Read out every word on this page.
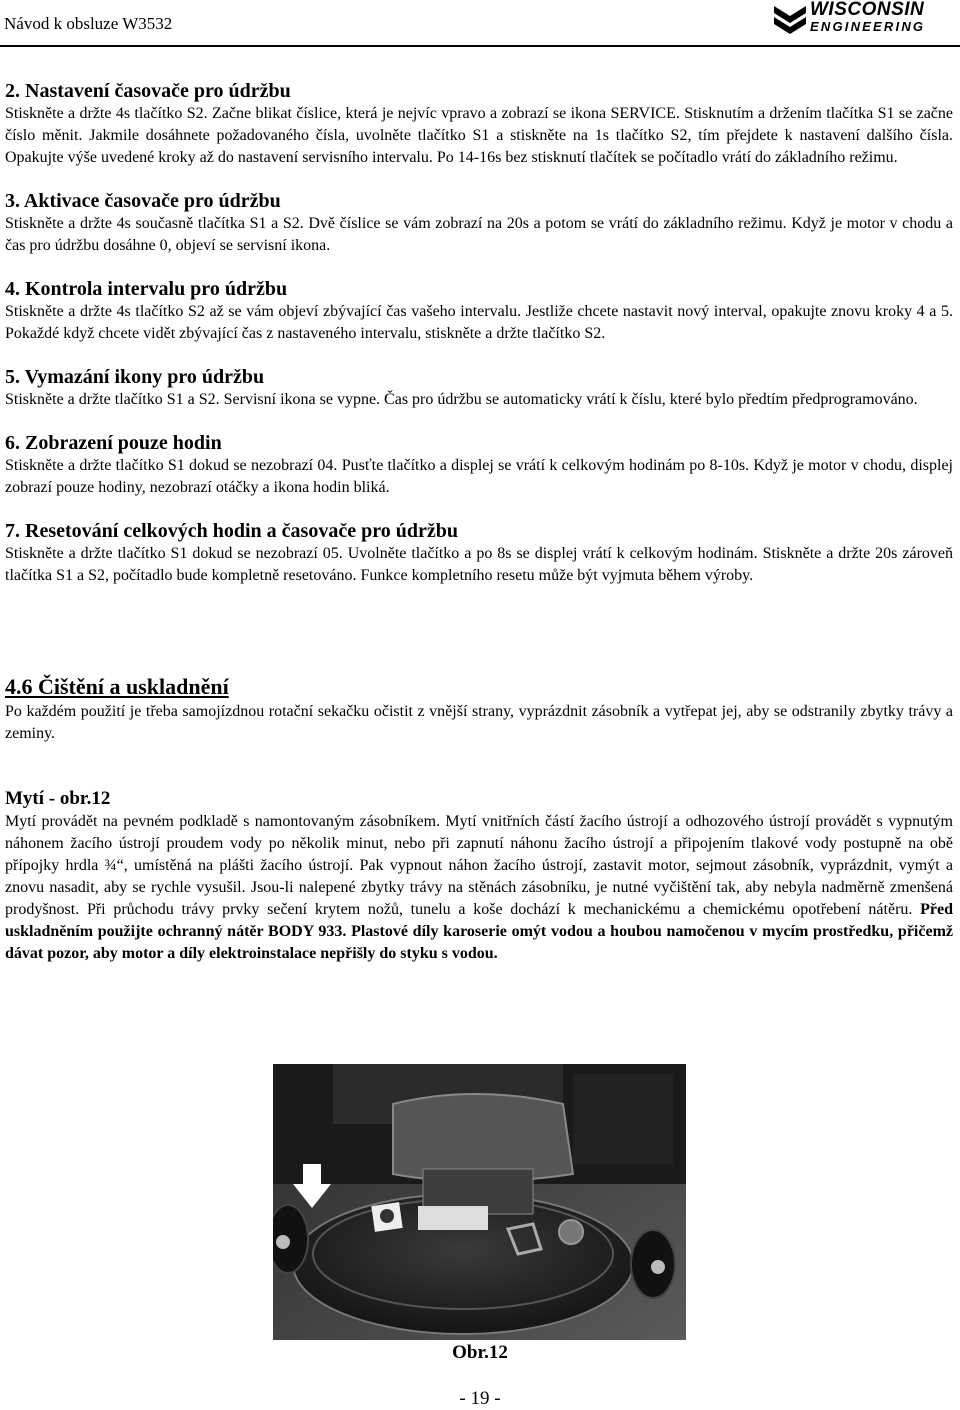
Návod k obsluze W3532
WISCONSIN
ENGINEERING
2. Nastavení časovače pro údržbu

Stiskněte a držte 4s tlačítko S2. Začne blikat číslice, která je nejvíc vpravo a zobrazí se ikona SERVICE. Stisknutím a držením tlačítka S1 se začne číslo měnit. Jakmile dosáhnete požadovaného čísla, uvolněte tlačítko S1 a stiskněte na 1s tlačítko S2, tím přejdete k nastavení dalšího čísla. Opakujte výše uvedené kroky až do nastavení servisního intervalu. Po 14-16s bez stisknutí tlačítek se počítadlo vrátí do základního režimu.

3. Aktivace časovače pro údržbu

Stiskněte a držte 4s současně tlačítka S1 a S2. Dvě číslice se vám zobrazí na 20s a potom se vrátí do základního režimu. Když je motor v chodu a čas pro údržbu dosáhne 0, objeví se servisní ikona.

4. Kontrola intervalu pro údržbu

Stiskněte a držte 4s tlačítko S2 až se vám objeví zbývající čas vašeho intervalu. Jestliže chcete nastavit nový interval, opakujte znovu kroky 4 a 5. Pokaždé když chcete vidět zbývající čas z nastaveného intervalu, stiskněte a držte tlačítko S2.

5. Vymazání ikony pro údržbu

Stiskněte a držte tlačítko S1 a S2. Servisní ikona se vypne. Čas pro údržbu se automaticky vrátí k číslu, které bylo předtím předprogramováno.

6. Zobrazení pouze hodin

Stiskněte a držte tlačítko S1 dokud se nezobrazí 04. Pusťte tlačítko a displej se vrátí k celkovým hodinám po 8-10s. Když je motor v chodu, displej zobrazí pouze hodiny, nezobrazí otáčky a ikona hodin bliká.

7. Resetování celkových hodin a časovače pro údržbu

Stiskněte a držte tlačítko S1 dokud se nezobrazí 05. Uvolněte tlačítko a po 8s se displej vrátí k celkovým hodinám. Stiskněte a držte 20s zároveň tlačítka S1 a S2, počítadlo bude kompletně resetováno. Funkce kompletního resetu může být vyjmuta během výroby.

4.6 Čištění a uskladnění

Po každém použití je třeba samojízdnou rotační sekačku očistit z vnější strany, vyprázdnit zásobník a vytřepat jej, aby se odstranily zbytky trávy a zeminy.

Mytí - obr.12

Mytí provádět na pevném podkladě s namontovaným zásobníkem. Mytí vnitřních částí žacího ústrojí a odhozového ústrojí provádět s vypnutým náhonem žacího ústrojí proudem vody po několik minut, nebo při zapnutí náhonu žacího ústrojí a připojením tlakové vody postupně na obě přípojky hrdla ¾“, umístěná na plášti žacího ústrojí. Pak vypnout náhon žacího ústrojí, zastavit motor, sejmout zásobník, vyprázdnit, vymýt a znovu nasadit, aby se rychle vysušil. Jsou-li nalepené zbytky trávy na stěnách zásobníku, je nutné vyčištění tak, aby nebyla nadměrně zmenšená prodyšnost. Při průchodu trávy prvky sečení krytem nožů, tunelu a koše dochází k mechanickému a chemickému opotřebení nátěru. Před uskladněním použijte ochranný nátěr BODY 933. Plastové díly karoserie omýt vodou a houbou namočenou v mycím prostředku, přičemž dávat pozor, aby motor a díly elektroinstalace nepřišly do styku s vodou.

Obr.12
- 19 -
